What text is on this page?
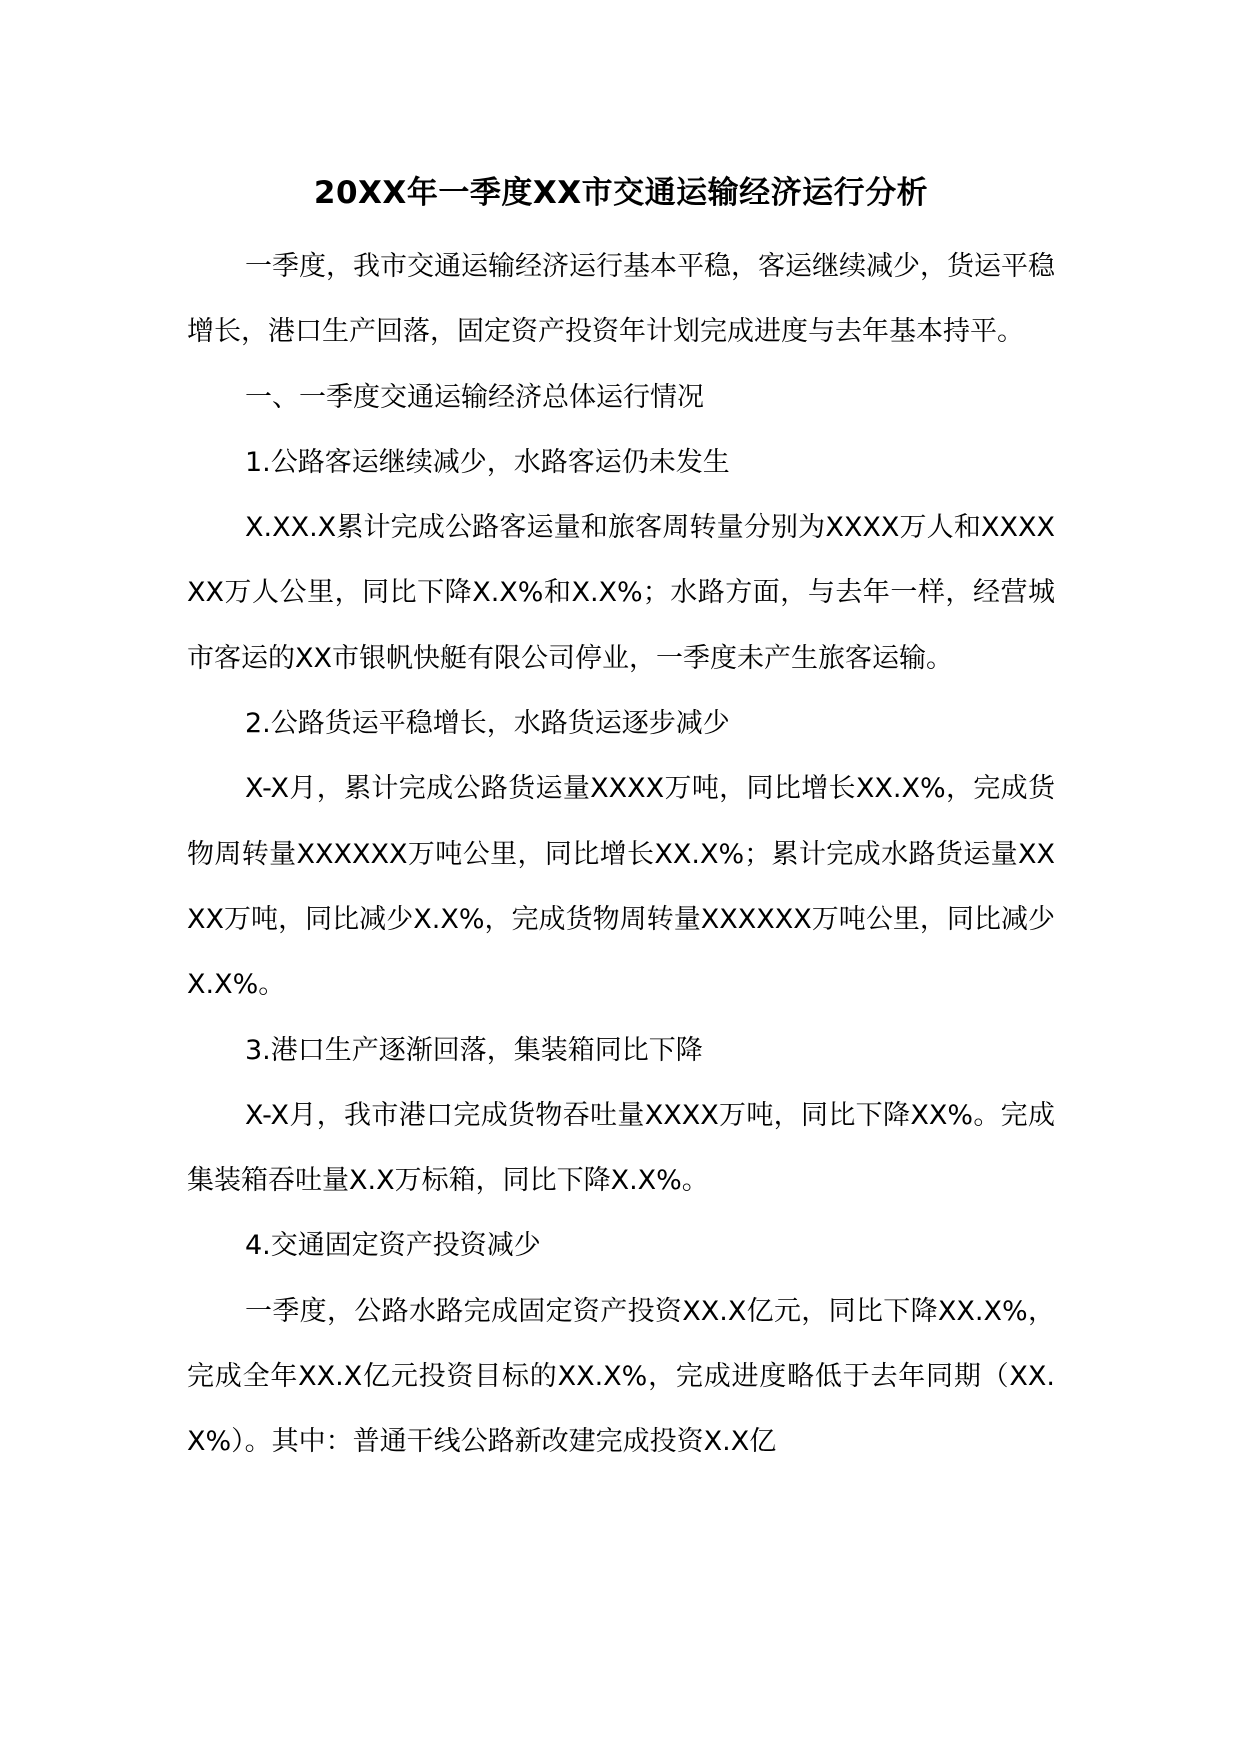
20XX年一季度XX市交通运输经济运行分析

一季度，我市交通运输经济运行基本平稳，客运继续减少，货运平稳增长，港口生产回落，固定资产投资年计划完成进度与去年基本持平。

一、一季度交通运输经济总体运行情况

1.公路客运继续减少，水路客运仍未发生

X.XX.X累计完成公路客运量和旅客周转量分别为XXXX万人和XXXXXX万人公里，同比下降X.X%和X.X%；水路方面，与去年一样，经营城市客运的XX市银帆快艇有限公司停业，一季度未产生旅客运输。

2.公路货运平稳增长，水路货运逐步减少

X-X月，累计完成公路货运量XXXX万吨，同比增长XX.X%，完成货物周转量XXXXXX万吨公里，同比增长XX.X%；累计完成水路货运量XXXX万吨，同比减少X.X%，完成货物周转量XXXXXX万吨公里，同比减少X.X%。

3.港口生产逐渐回落，集装箱同比下降

X-X月，我市港口完成货物吞吐量XXXX万吨，同比下降XX%。完成集装箱吞吐量X.X万标箱，同比下降X.X%。

4.交通固定资产投资减少

一季度，公路水路完成固定资产投资XX.X亿元，同比下降XX.X%，完成全年XX.X亿元投资目标的XX.X%，完成进度略低于去年同期（XX.X%）。其中：普通干线公路新改建完成投资X.X亿
